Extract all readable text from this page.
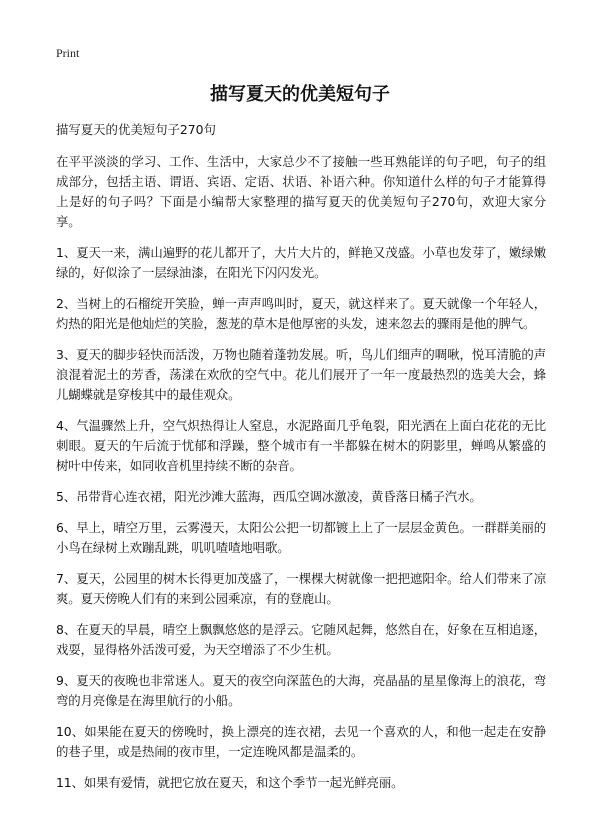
Print
描写夏天的优美短句子
描写夏天的优美短句子270句

在平平淡淡的学习、工作、生活中，大家总少不了接触一些耳熟能详的句子吧，句子的组成部分，包括主语、谓语、宾语、定语、状语、补语六种。你知道什么样的句子才能算得上是好的句子吗？下面是小编帮大家整理的描写夏天的优美短句子270句，欢迎大家分享。

1、夏天一来，满山遍野的花儿都开了，大片大片的，鲜艳又茂盛。小草也发芽了，嫩绿嫩绿的，好似涂了一层绿油漆，在阳光下闪闪发光。

2、当树上的石榴绽开笑脸，蝉一声声鸣叫时，夏天，就这样来了。夏天就像一个年轻人，灼热的阳光是他灿烂的笑脸，葱茏的草木是他厚密的头发，速来忽去的骤雨是他的脾气。

3、夏天的脚步轻快而活泼，万物也随着蓬勃发展。听，鸟儿们细声的啁啾，悦耳清脆的声浪混着泥土的芳香，荡漾在欢欣的空气中。花儿们展开了一年一度最热烈的选美大会，蜂儿蝴蝶就是穿梭其中的最佳观众。

4、气温骤然上升，空气炽热得让人窒息，水泥路面几乎龟裂，阳光洒在上面白花花的无比刺眼。夏天的午后流于忧郁和浮躁，整个城市有一半都躲在树木的阴影里，蝉鸣从繁盛的树叶中传来，如同收音机里持续不断的杂音。

5、吊带背心连衣裙，阳光沙滩大蓝海，西瓜空调冰激凌，黄昏落日橘子汽水。

6、早上，晴空万里，云雾漫天，太阳公公把一切都镀上上了一层层金黄色。一群群美丽的小鸟在绿树上欢蹦乱跳，叽叽喳喳地唱歌。

7、夏天，公园里的树木长得更加茂盛了，一棵棵大树就像一把把遮阳伞。给人们带来了凉爽。夏天傍晚人们有的来到公园乘凉，有的登鹿山。

8、在夏天的早晨，晴空上飘飘悠悠的是浮云。它随风起舞，悠然自在，好象在互相追逐，戏耍，显得格外活泼可爱，为天空增添了不少生机。

9、夏天的夜晚也非常迷人。夏天的夜空向深蓝色的大海，亮晶晶的星星像海上的浪花，弯弯的月亮像是在海里航行的小船。

10、如果能在夏天的傍晚时，换上漂亮的连衣裙，去见一个喜欢的人，和他一起走在安静的巷子里，或是热闹的夜市里，一定连晚风都是温柔的。

11、如果有爱情，就把它放在夏天，和这个季节一起光鲜亮丽。
